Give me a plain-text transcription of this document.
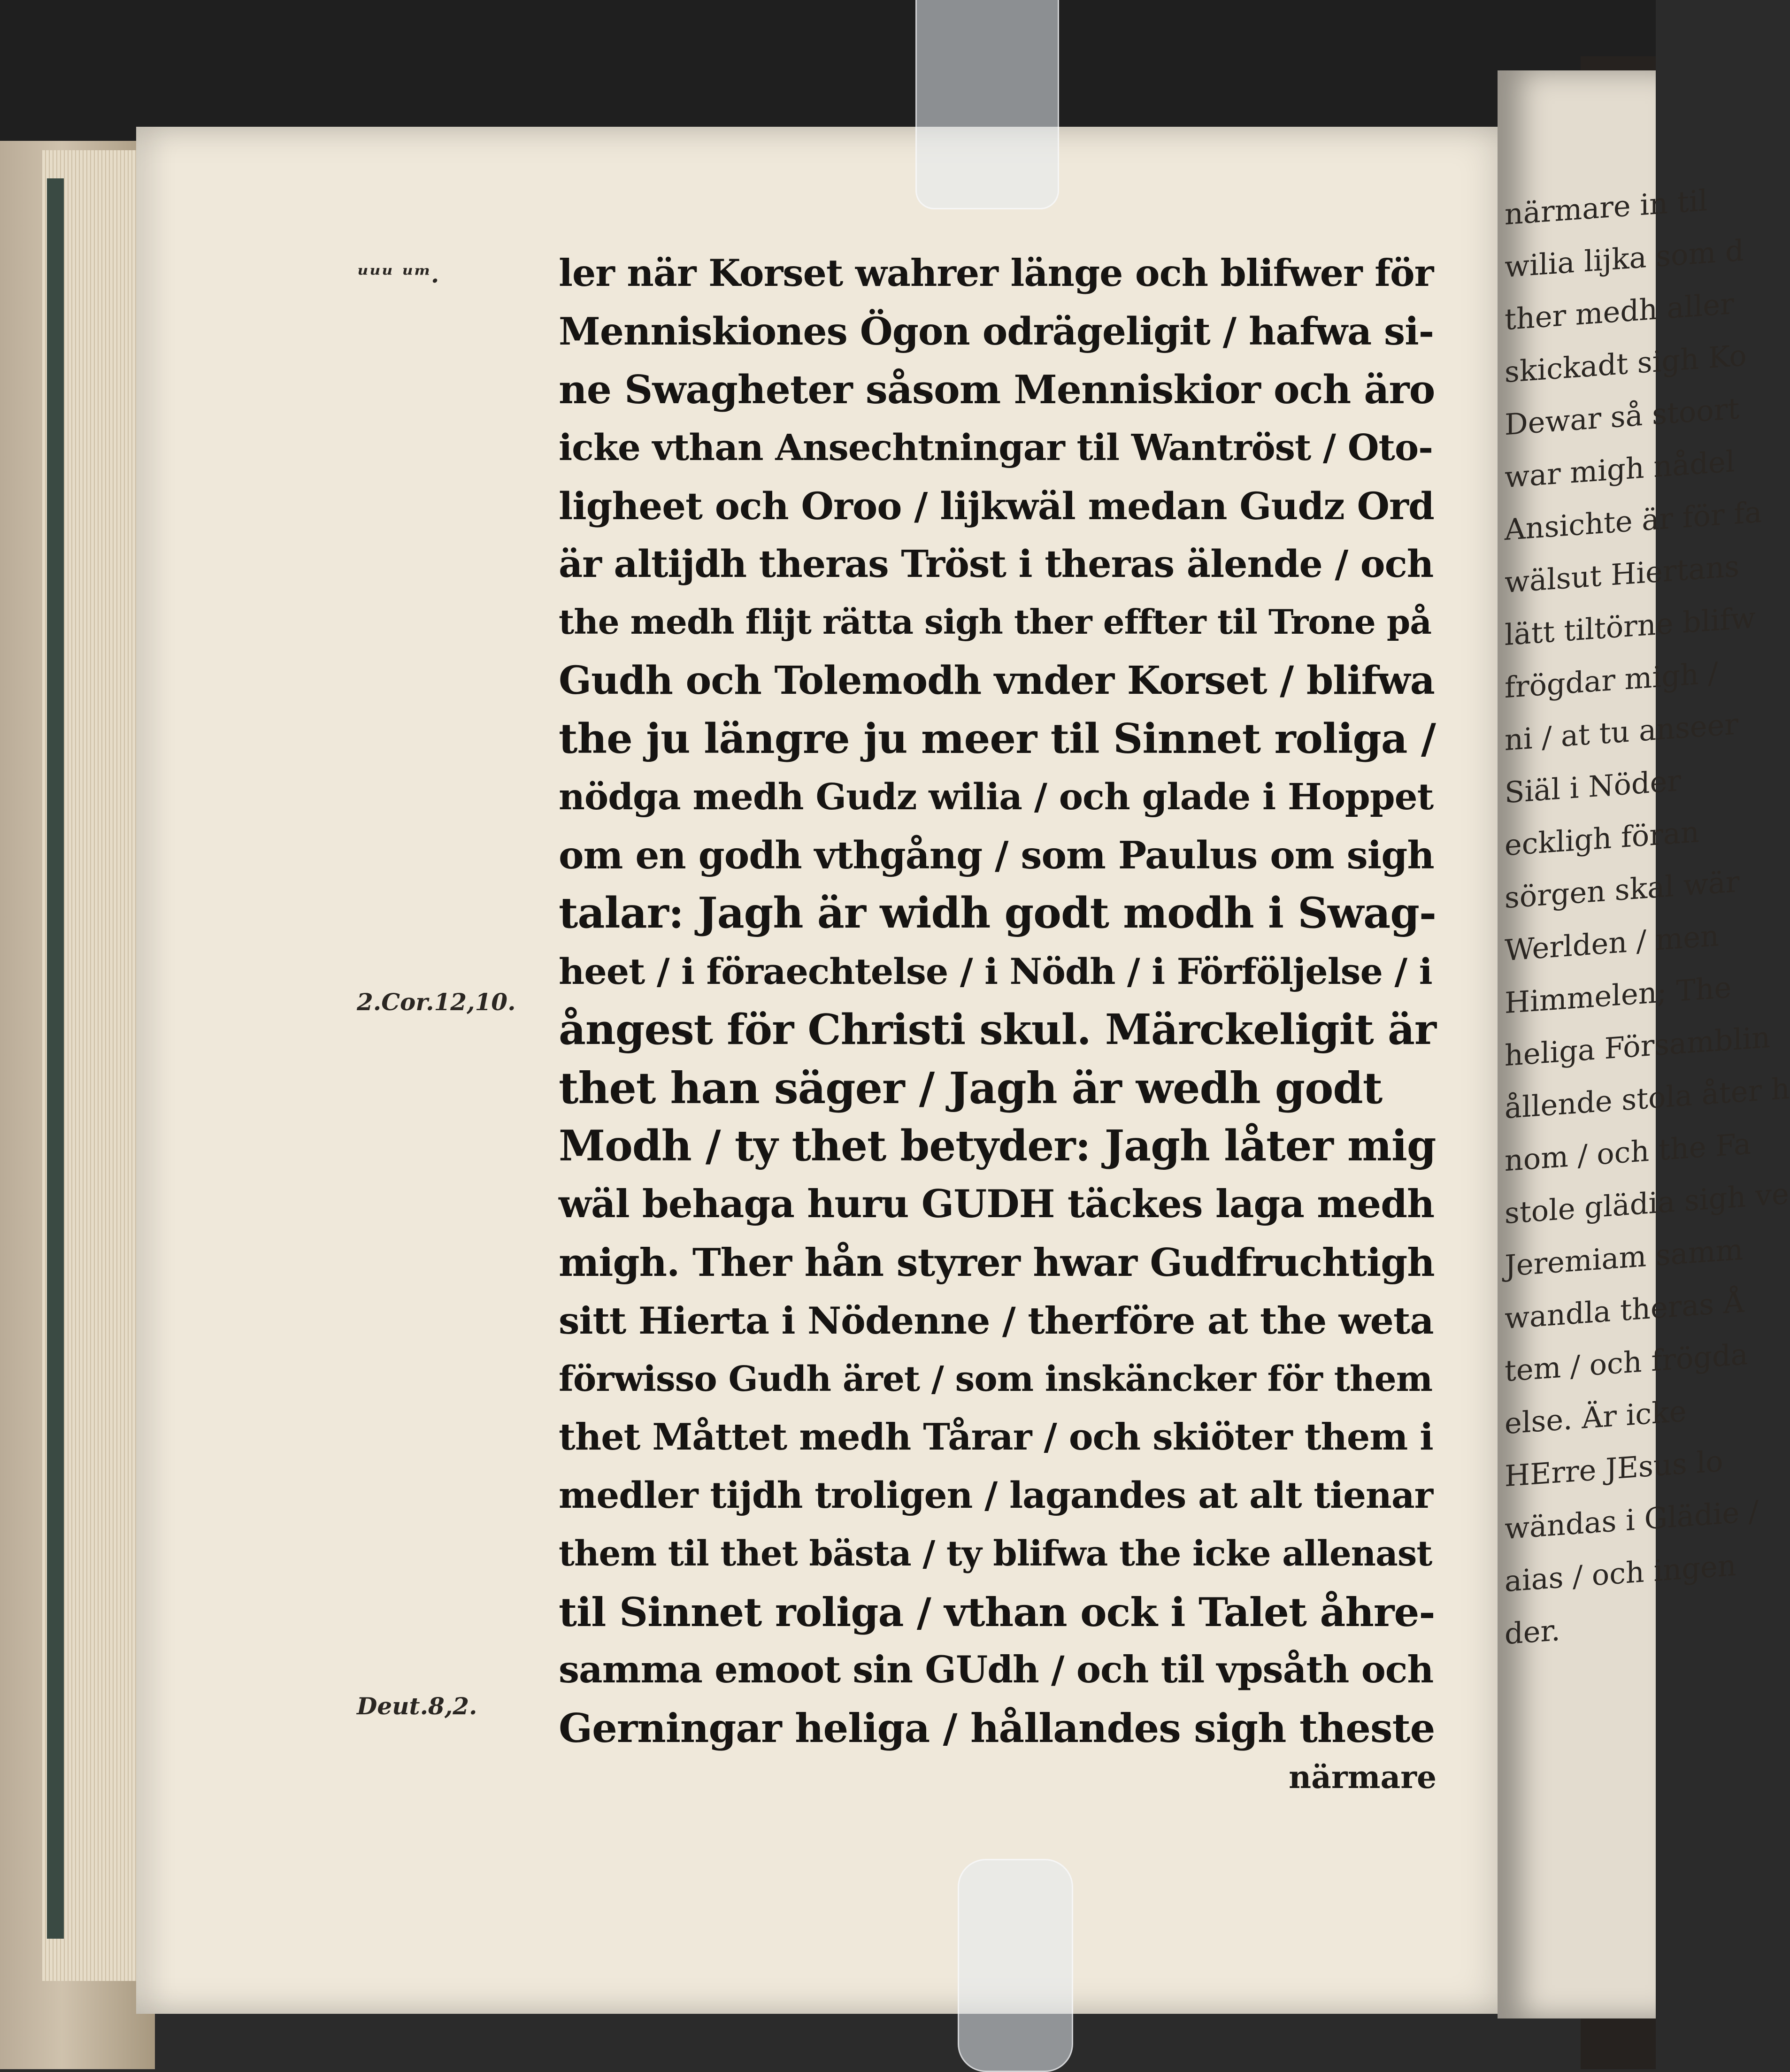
närmare in til
wilia lijka som d
ther medh aller
skickadt sigh Ko
Dewar så stoort
war migh nådel
Ansichte är för fa
wälsut Hiertans
lätt tiltörne blifw
frögdar migh /
ni / at tu anseer
Siäl i Nöder
eckligh föran
sörgen skal wär
Werlden / men
Himmelen; The
heliga Församblin
ållende stola åter h
nom / och the Fa
stole glädia sigh ve
Jeremiam samm
wandla theras Å
tem / och frögda
else. Är icke
HErre JEsus lo
wändas i Glädie /
aias / och ingen
der.
ᵘᵘᵘ ᵘᵐ.
2.Cor.12,10.
Deut.8,2.
ler när Korset wahrer länge och blifwer för
Menniskiones Ögon odrägeligit / hafwa si-
ne Swagheter såsom Menniskior och äro
icke vthan Ansechtningar til Wantröst / Oto-
ligheet och Oroo / lijkwäl medan Gudz Ord
är altijdh theras Tröst i theras älende / och
the medh flijt rätta sigh ther effter til Trone på
Gudh och Tolemodh vnder Korset / blifwa
the ju längre ju meer til Sinnet roliga /
nödga medh Gudz wilia / och glade i Hoppet
om en godh vthgång / som Paulus om sigh
talar: Jagh är widh godt modh i Swag-
heet / i föraechtelse / i Nödh / i Förföljelse / i
ångest för Christi skul. Märckeligit är
thet han säger / Jagh är wedh godt
Modh / ty thet betyder: Jagh låter mig
wäl behaga huru GUDH täckes laga medh
migh. Ther hån styrer hwar Gudfruchtigh
sitt Hierta i Nödenne / therföre at the weta
förwisso Gudh äret / som inskäncker för them
thet Måttet medh Tårar / och skiöter them i
medler tijdh troligen / lagandes at alt tienar
them til thet bästa / ty blifwa the icke allenast
til Sinnet roliga / vthan ock i Talet åhre-
samma emoot sin GUdh / och til vpsåth och
Gerningar heliga / hållandes sigh theste
närmare
